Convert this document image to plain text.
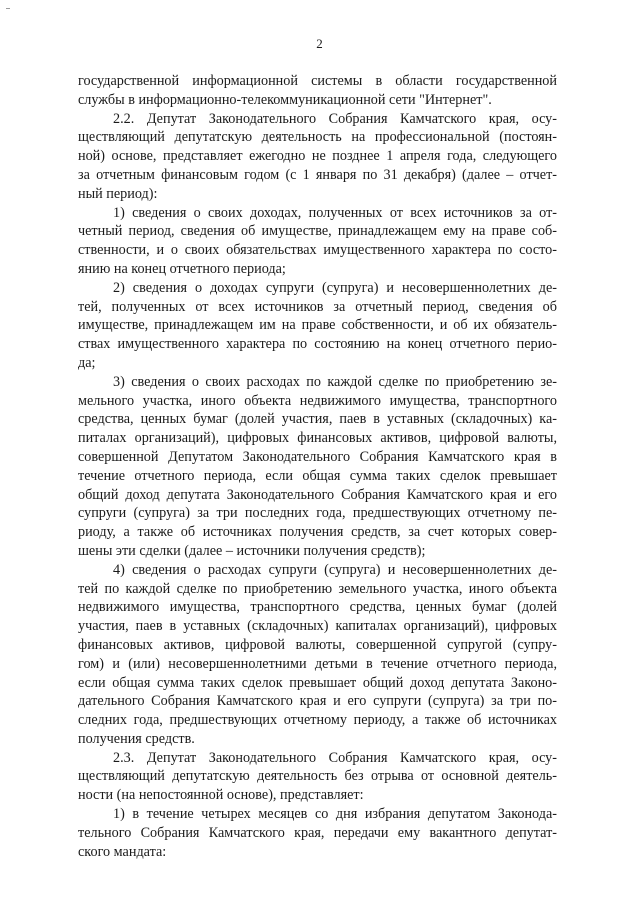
2
государственной информационной системы в области государственной
службы в информационно-телекоммуникационной сети "Интернет".
2.2. Депутат Законодательного Собрания Камчатского края, осу-
ществляющий депутатскую деятельность на профессиональной (постоян-
ной) основе, представляет ежегодно не позднее 1 апреля года, следующего
за отчетным финансовым годом (с 1 января по 31 декабря) (далее – отчет-
ный период):
1) сведения о своих доходах, полученных от всех источников за от-
четный период, сведения об имуществе, принадлежащем ему на праве соб-
ственности, и о своих обязательствах имущественного характера по состо-
янию на конец отчетного периода;
2) сведения о доходах супруги (супруга) и несовершеннолетних де-
тей, полученных от всех источников за отчетный период, сведения об
имуществе, принадлежащем им на праве собственности, и об их обязатель-
ствах имущественного характера по состоянию на конец отчетного перио-
да;
3) сведения о своих расходах по каждой сделке по приобретению зе-
мельного участка, иного объекта недвижимого имущества, транспортного
средства, ценных бумаг (долей участия, паев в уставных (складочных) ка-
питалах организаций), цифровых финансовых активов, цифровой валюты,
совершенной Депутатом Законодательного Собрания Камчатского края в
течение отчетного периода, если общая сумма таких сделок превышает
общий доход депутата Законодательного Собрания Камчатского края и его
супруги (супруга) за три последних года, предшествующих отчетному пе-
риоду, а также об источниках получения средств, за счет которых совер-
шены эти сделки (далее – источники получения средств);
4) сведения о расходах супруги (супруга) и несовершеннолетних де-
тей по каждой сделке по приобретению земельного участка, иного объекта
недвижимого имущества, транспортного средства, ценных бумаг (долей
участия, паев в уставных (складочных) капиталах организаций), цифровых
финансовых активов, цифровой валюты, совершенной супругой (супру-
гом) и (или) несовершеннолетними детьми в течение отчетного периода,
если общая сумма таких сделок превышает общий доход депутата Законо-
дательного Собрания Камчатского края и его супруги (супруга) за три по-
следних года, предшествующих отчетному периоду, а также об источниках
получения средств.
2.3. Депутат Законодательного Собрания Камчатского края, осу-
ществляющий депутатскую деятельность без отрыва от основной деятель-
ности (на непостоянной основе), представляет:
1) в течение четырех месяцев со дня избрания депутатом Законода-
тельного Собрания Камчатского края, передачи ему вакантного депутат-
ского мандата:
